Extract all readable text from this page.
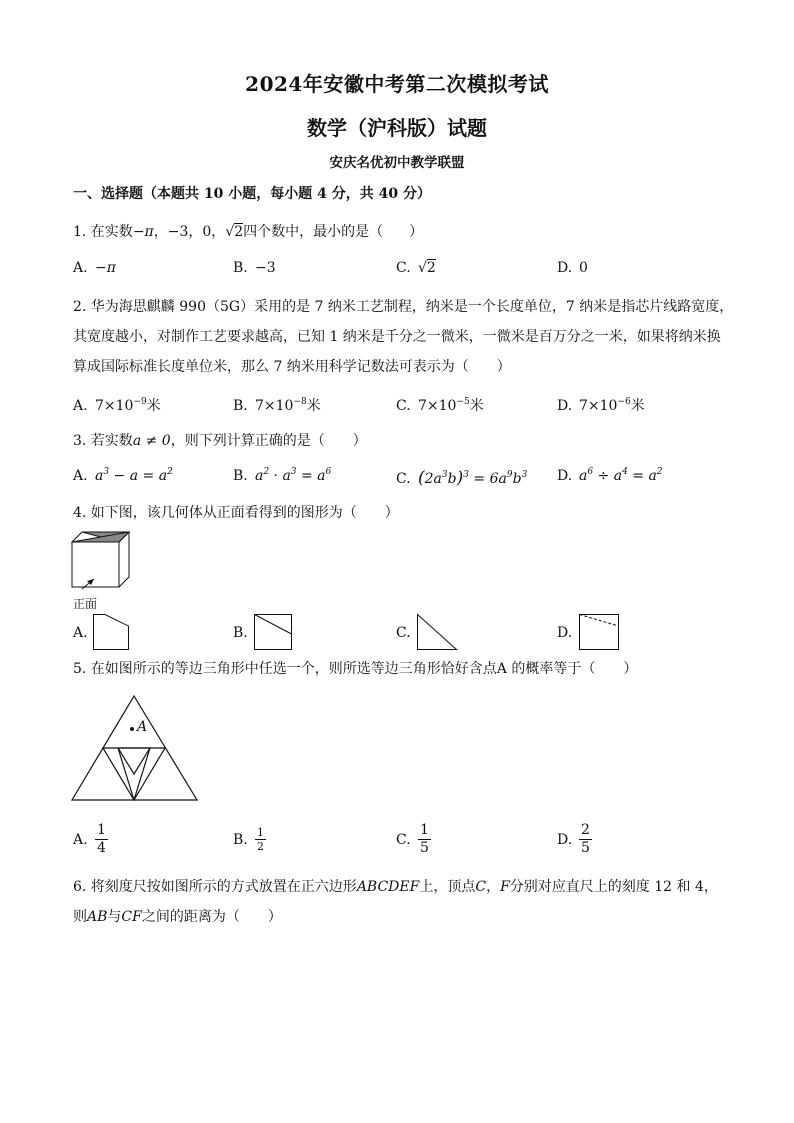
2024年安徽中考第二次模拟考试
数学（沪科版）试题
安庆名优初中教学联盟
一、选择题（本题共 10 小题，每小题 4 分，共 40 分）
1. 在实数−π，−3，0，√2四个数中，最小的是（ ）
A. −π	B. −3	C. √2	D. 0
2. 华为海思麒麟 990（5G）采用的是 7 纳米工艺制程，纳米是一个长度单位，7 纳米是指芯片线路宽度，
其宽度越小，对制作工艺要求越高，已知 1 纳米是千分之一微米，一微米是百万分之一米，如果将纳米换
算成国际标准长度单位米，那么 7 纳米用科学记数法可表示为（　　）
A. $7\times 10^{-9}$米	B. $7\times 10^{-8}$米	C. $7\times 10^{-5}$米	D. $7\times 10^{-6}$米
3. 若实数a ≠ 0，则下列计算正确的是（　　）
A. $a^3 - a = a^2$	B. $a^2 \cdot a^3 = a^6$	C. $(2a^3b)^3 = 6a^9b^3$ D. $a^6 \div a^4 = a^2$
4. 如下图，该几何体从正面看得到的图形为（　　）
正面
A.	B.	C.	D.
5. 在如图所示的等边三角形中任选一个，则所选等边三角形恰好含点A 的概率等于（　　）
A
A. $\frac{1}{4}$	B. $\frac{1}{2}$	C. $\frac{1}{5}$	D. $\frac{2}{5}$
6. 将刻度尺按如图所示的方式放置在正六边形ABCDEF上，顶点C，F分别对应直尺上的刻度 12 和 4，
则AB与CF之间的距离为（　　）
